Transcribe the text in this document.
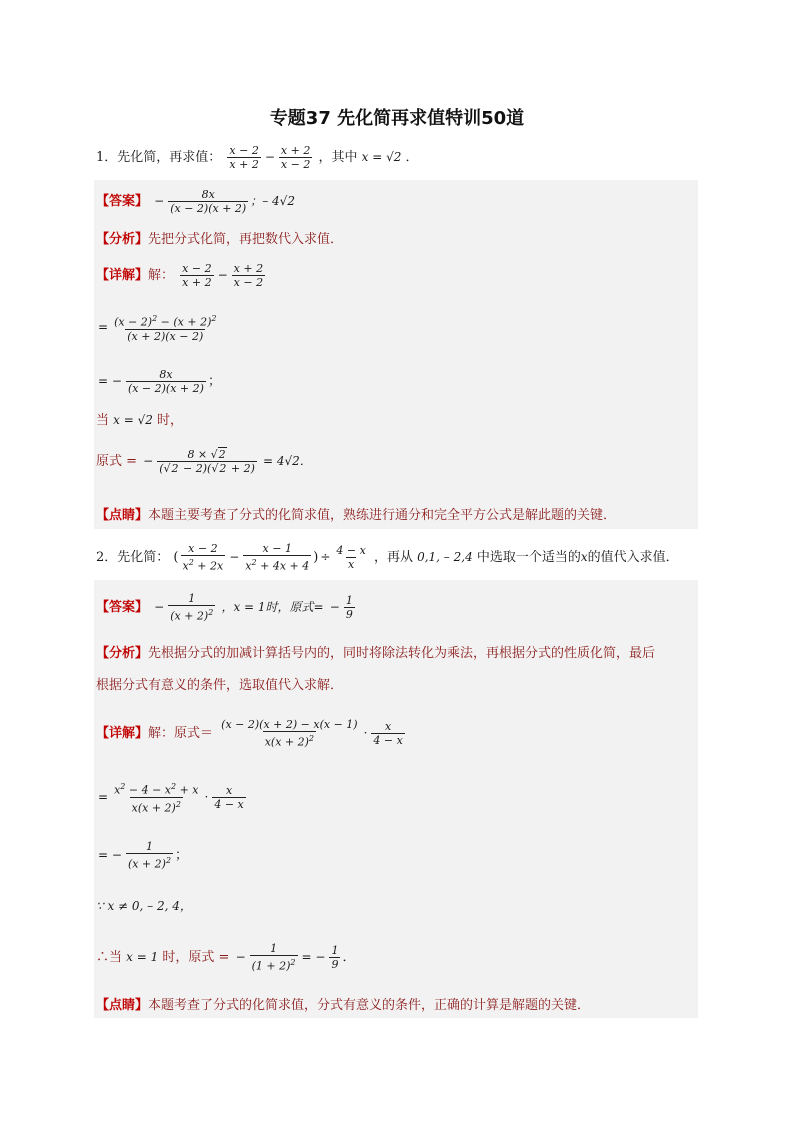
专题37 先化简再求值特训50道
1．先化简，再求值： $\frac{x - 2}{x + 2} - \frac{x + 2}{x - 2}$ ，其中 x = √2 ．
【答案】 − $\frac{8x}{(x - 2)(x + 2)}$ ；– 4√2
【分析】先把分式化简，再把数代入求值．
【详解】解： $\frac{x - 2}{x + 2} - \frac{x + 2}{x - 2}$
= $\frac{(x - 2)^2 - (x + 2)^2}{(x + 2)(x - 2)}$
= − $\frac{8x}{(x - 2)(x + 2)}$ ；
当 x = √2 时，
原式 = − $\frac{8 \times √2}{(√2 - 2)(√2 + 2)} = 4√2$．
【点睛】本题主要考查了分式的化简求值，熟练进行通分和完全平方公式是解此题的关键．
2．先化简： ( $\frac{x - 2}{x^2 + 2x} - \frac{x - 1}{x^2 + 4x + 4}$ ) ÷ $\frac{4 - x}{x}$ ，再从 0,1, – 2,4 中选取一个适当的x的值代入求值．
【答案】 − $\frac{1}{(x + 2)^2}$ ，x = 1时，原式= − $\frac{1}{9}$
【分析】先根据分式的加减计算括号内的，同时将除法转化为乘法，再根据分式的性质化简，最后
根据分式有意义的条件，选取值代入求解．
【详解】解：原式＝ $\frac{(x - 2)(x + 2) - x(x - 1)}{x(x + 2)^2} \cdot \frac{x}{4 - x}$
= $\frac{x^2 - 4 - x^2 + x}{x(x + 2)^2} \cdot \frac{x}{4 - x}$
= − $\frac{1}{(x + 2)^2}$ ；
∵ x ≠ 0, – 2, 4，
∴当 x = 1 时，原式 = − $\frac{1}{(1 + 2)^2}$ = − $\frac{1}{9}$ ．
【点睛】本题考查了分式的化简求值，分式有意义的条件，正确的计算是解题的关键．
